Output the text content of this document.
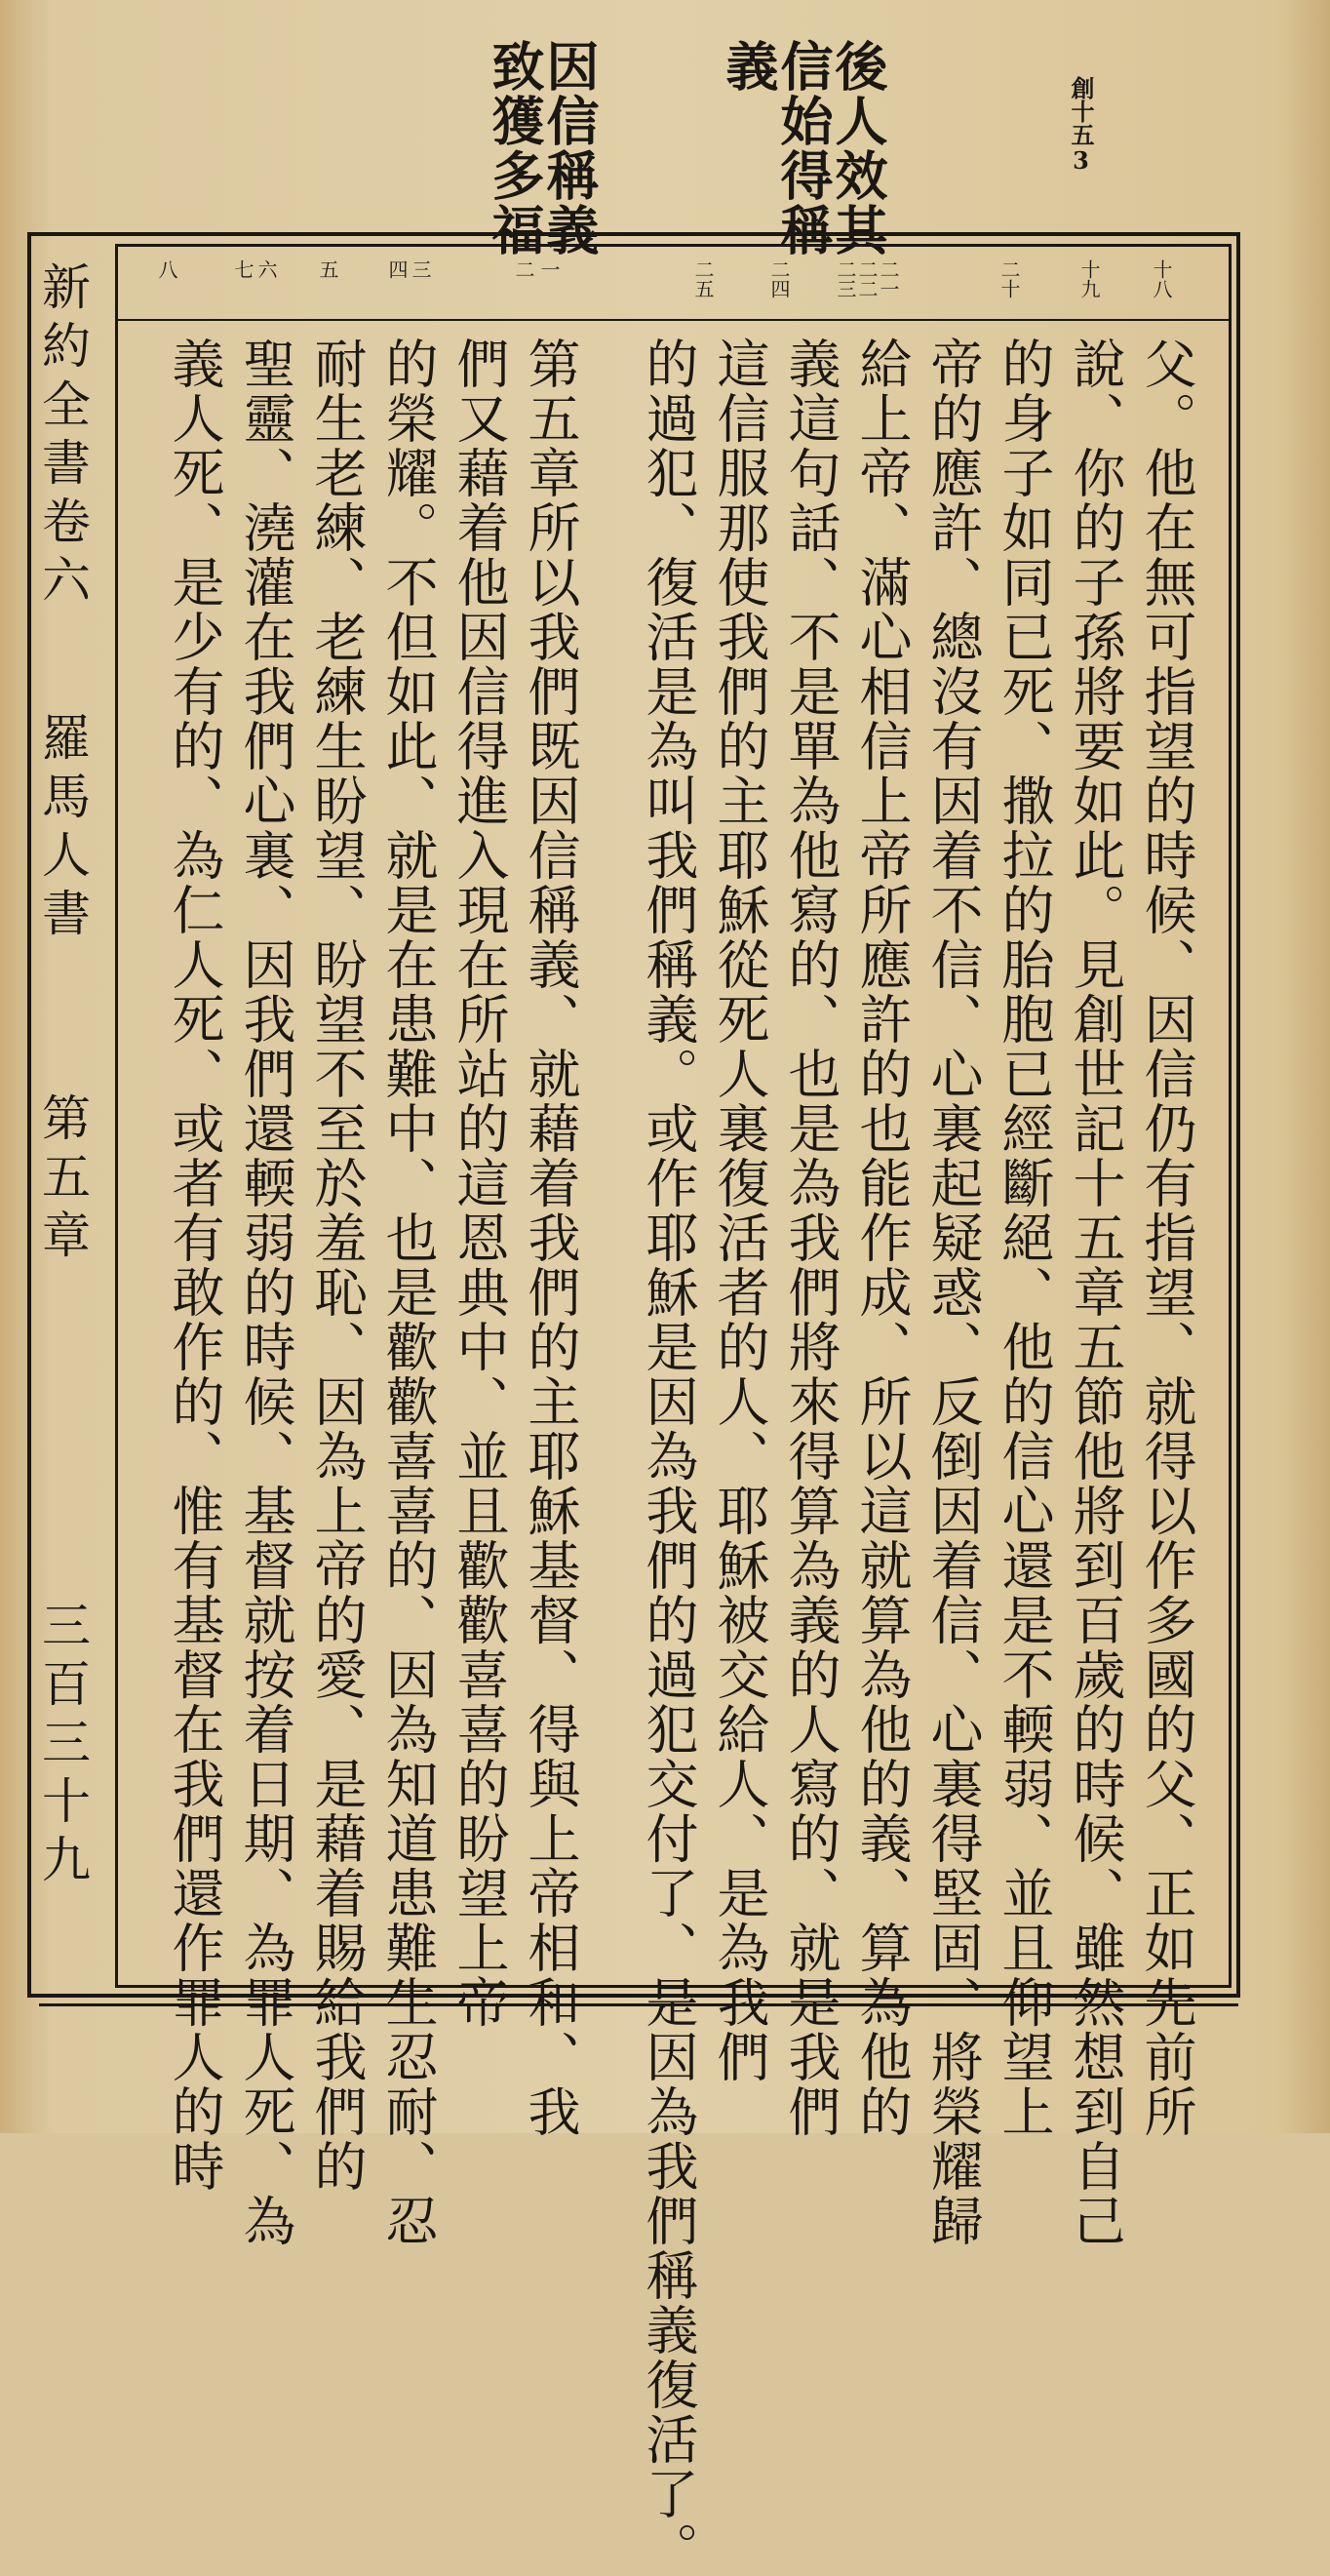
創十五3
後人效其
信始得稱
義
因信稱義
致獲多福
十八
十九
二十
二一
二二
二三
二四
二五
一
二
三
四
五
六
七
八
父。他在無可指望的時候、因信仍有指望、就得以作多國的父、正如先前所
說、你的子孫將要如此。見創世記十五章五節他將到百歲的時候、雖然想到自己
的身子如同已死、撒拉的胎胞已經斷絕、他的信心還是不輭弱、並且仰望上
帝的應許、總沒有因着不信、心裏起疑惑、反倒因着信、心裏得堅固、將榮耀歸
給上帝、滿心相信上帝所應許的也能作成、所以這就算為他的義、算為他的
義這句話、不是單為他寫的、也是為我們將來得算為義的人寫的、就是我們
這信服那使我們的主耶穌從死人裏復活者的人、耶穌被交給人、是為我們
的過犯、復活是為叫我們稱義。或作耶穌是因為我們的過犯交付了、是因為我們稱義復活了。
第五章所以我們既因信稱義、就藉着我們的主耶穌基督、得與上帝相和、我
們又藉着他因信得進入現在所站的這恩典中、並且歡歡喜喜的盼望上帝
的榮耀。不但如此、就是在患難中、也是歡歡喜喜的、因為知道患難生忍耐、忍
耐生老練、老練生盼望、盼望不至於羞恥、因為上帝的愛、是藉着賜給我們的
聖靈、澆灌在我們心裏、因我們還輭弱的時候、基督就按着日期、為罪人死、為
義人死、是少有的、為仁人死、或者有敢作的、惟有基督在我們還作罪人的時
新約全書卷六
羅馬人書
第五章
三百三十九
